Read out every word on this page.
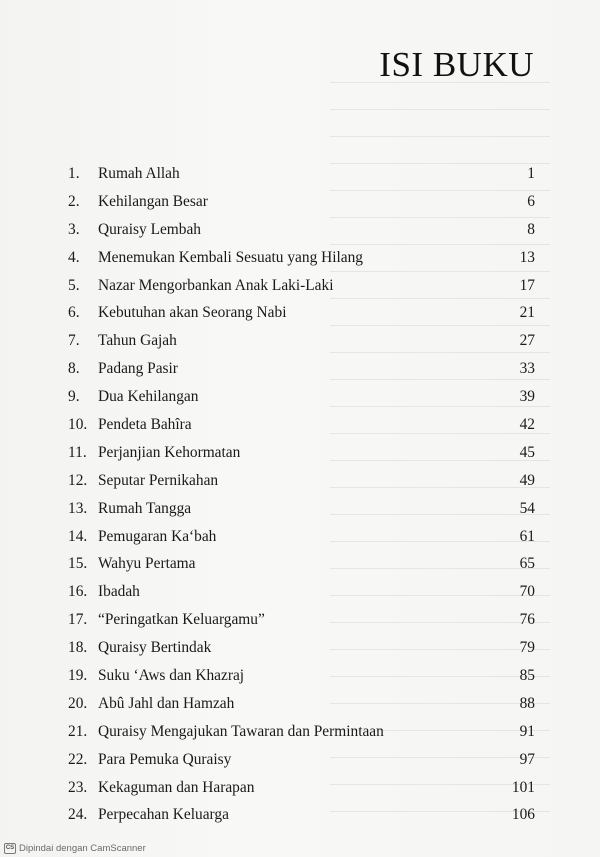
ISI BUKU
1. Rumah Allah	1
2. Kehilangan Besar	6
3. Quraisy Lembah	8
4. Menemukan Kembali Sesuatu yang Hilang	13
5. Nazar Mengorbankan Anak Laki-Laki	17
6. Kebutuhan akan Seorang Nabi	21
7. Tahun Gajah	27
8. Padang Pasir	33
9. Dua Kehilangan	39
10. Pendeta Bahîra	42
11. Perjanjian Kehormatan	45
12. Seputar Pernikahan	49
13. Rumah Tangga	54
14. Pemugaran Ka‘bah	61
15. Wahyu Pertama	65
16. Ibadah	70
17. “Peringatkan Keluargamu”	76
18. Quraisy Bertindak	79
19. Suku ‘Aws dan Khazraj	85
20. Abû Jahl dan Hamzah	88
21. Quraisy Mengajukan Tawaran dan Permintaan	91
22. Para Pemuka Quraisy	97
23. Kekaguman dan Harapan	101
24. Perpecahan Keluarga	106
CS Dipindai dengan CamScanner
